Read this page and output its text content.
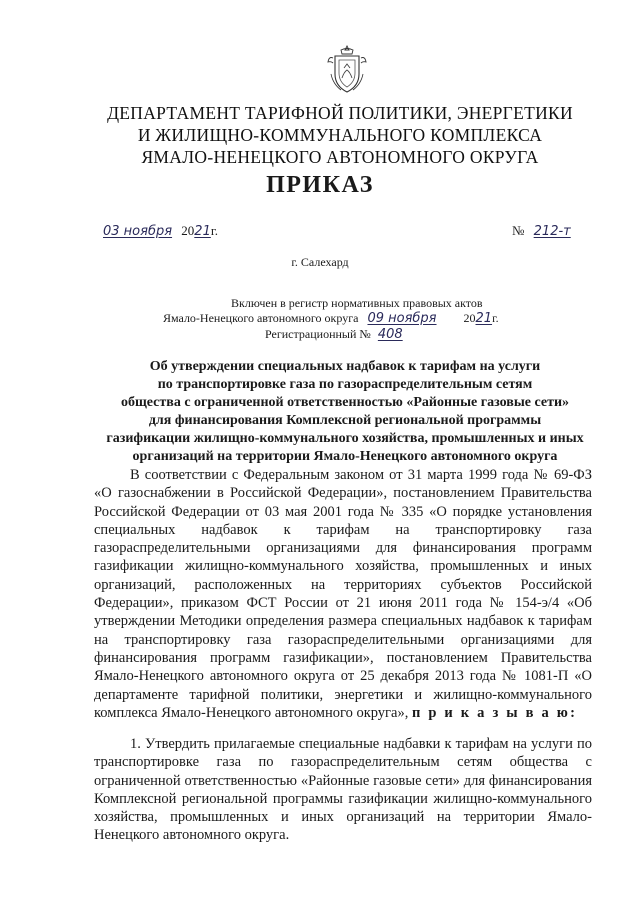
ДЕПАРТАМЕНТ ТАРИФНОЙ ПОЛИТИКИ, ЭНЕРГЕТИКИ
И ЖИЛИЩНО-КОММУНАЛЬНОГО КОМПЛЕКСА
ЯМАЛО-НЕНЕЦКОГО АВТОНОМНОГО ОКРУГА
ПРИКАЗ
03 ноября 2021г.	№ 212-т
г. Салехард
Включен в регистр нормативных правовых актов
Ямало-Ненецкого автономного округа 09 ноября 2021г.
Регистрационный № 408
Об утверждении специальных надбавок к тарифам на услуги
по транспортировке газа по газораспределительным сетям
общества с ограниченной ответственностью «Районные газовые сети»
для финансирования Комплексной региональной программы
газификации жилищно-коммунального хозяйства, промышленных и иных
организаций на территории Ямало-Ненецкого автономного округа

В соответствии с Федеральным законом от 31 марта 1999 года № 69-ФЗ «О газоснабжении в Российской Федерации», постановлением Правительства Российской Федерации от 03 мая 2001 года № 335 «О порядке установления специальных надбавок к тарифам на транспортировку газа газораспределительными организациями для финансирования программ газификации жилищно-коммунального хозяйства, промышленных и иных организаций, расположенных на территориях субъектов Российской Федерации», приказом ФСТ России от 21 июня 2011 года № 154-э/4 «Об утверждении Методики определения размера специальных надбавок к тарифам на транспортировку газа газораспределительными организациями для финансирования программ газификации», постановлением Правительства Ямало-Ненецкого автономного округа от 25 декабря 2013 года № 1081-П «О департаменте тарифной политики, энергетики и жилищно-коммунального комплекса Ямало-Ненецкого автономного округа», п р и к а з ы в а ю:

1. Утвердить прилагаемые специальные надбавки к тарифам на услуги по транспортировке газа по газораспределительным сетям общества с ограниченной ответственностью «Районные газовые сети» для финансирования Комплексной региональной программы газификации жилищно-коммунального хозяйства, промышленных и иных организаций на территории Ямало-Ненецкого автономного округа.
